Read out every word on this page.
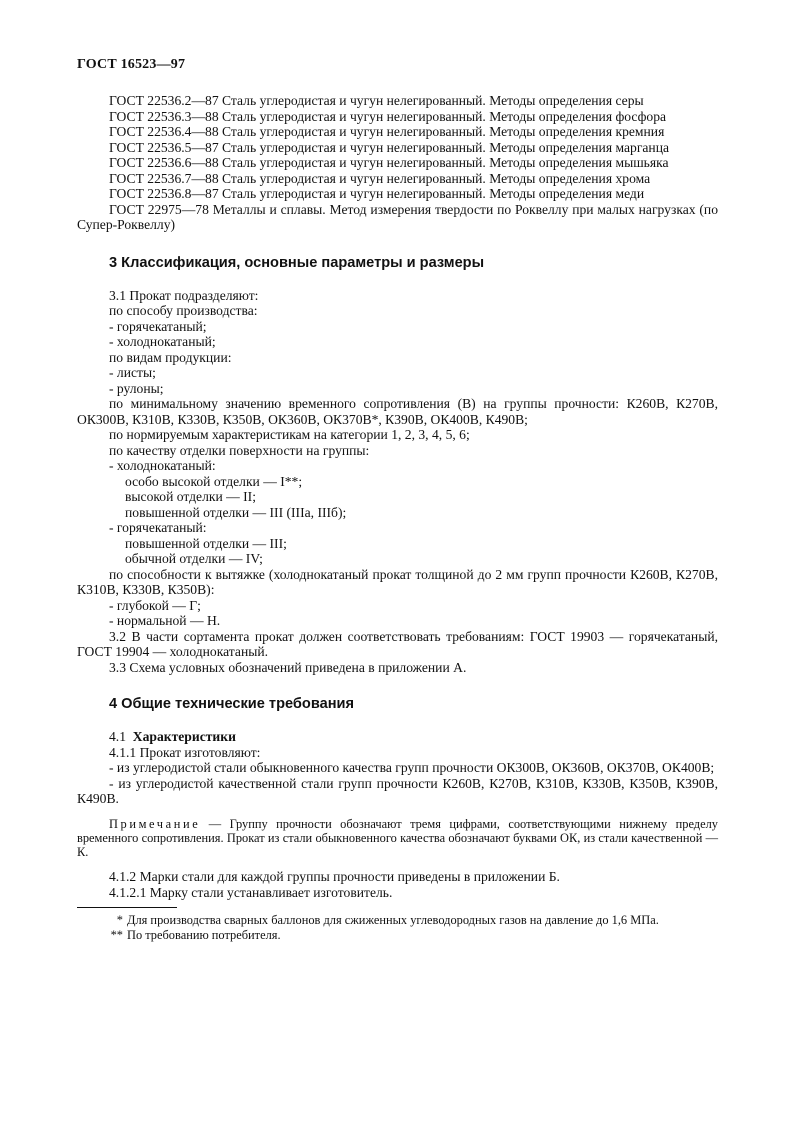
ГОСТ 16523—97

ГОСТ 22536.2—87 Сталь углеродистая и чугун нелегированный. Методы определения серы

ГОСТ 22536.3—88 Сталь углеродистая и чугун нелегированный. Методы определения фосфора

ГОСТ 22536.4—88 Сталь углеродистая и чугун нелегированный. Методы определения кремния

ГОСТ 22536.5—87 Сталь углеродистая и чугун нелегированный. Методы определения марганца

ГОСТ 22536.6—88 Сталь углеродистая и чугун нелегированный. Методы определения мышьяка

ГОСТ 22536.7—88 Сталь углеродистая и чугун нелегированный. Методы определения хрома

ГОСТ 22536.8—87 Сталь углеродистая и чугун нелегированный. Методы определения меди

ГОСТ 22975—78 Металлы и сплавы. Метод измерения твердости по Роквеллу при малых нагрузках (по Супер-Роквеллу)

3 Классификация, основные параметры и размеры

3.1 Прокат подразделяют:

по способу производства:

- горячекатаный;

- холоднокатаный;

по видам продукции:

- листы;

- рулоны;

по минимальному значению временного сопротивления (В) на группы прочности: К260В, К270В, ОК300В, К310В, К330В, К350В, ОК360В, ОК370В*, К390В, ОК400В, К490В;

по нормируемым характеристикам на категории 1, 2, 3, 4, 5, 6;

по качеству отделки поверхности на группы:

- холоднокатаный:

особо высокой отделки — I**;

высокой отделки — II;

повышенной отделки — III (IIIа, IIIб);

- горячекатаный:

повышенной отделки — III;

обычной отделки — IV;

по способности к вытяжке (холоднокатаный прокат толщиной до 2 мм групп прочности К260В, К270В, К310В, К330В, К350В):

- глубокой — Г;

- нормальной — Н.

3.2 В части сортамента прокат должен соответствовать требованиям: ГОСТ 19903 — горячекатаный, ГОСТ 19904 — холоднокатаный.

3.3 Схема условных обозначений приведена в приложении А.

4 Общие технические требования

4.1 Характеристики

4.1.1 Прокат изготовляют:

- из углеродистой стали обыкновенного качества групп прочности ОК300В, ОК360В, ОК370В, ОК400В;

- из углеродистой качественной стали групп прочности К260В, К270В, К310В, К330В, К350В, К390В, К490В.

Примечание — Группу прочности обозначают тремя цифрами, соответствующими нижнему пределу временного сопротивления. Прокат из стали обыкновенного качества обозначают буквами ОК, из стали качественной — К.

4.1.2 Марки стали для каждой группы прочности приведены в приложении Б.

4.1.2.1 Марку стали устанавливает изготовитель.

* Для производства сварных баллонов для сжиженных углеводородных газов на давление до 1,6 МПа.

** По требованию потребителя.
